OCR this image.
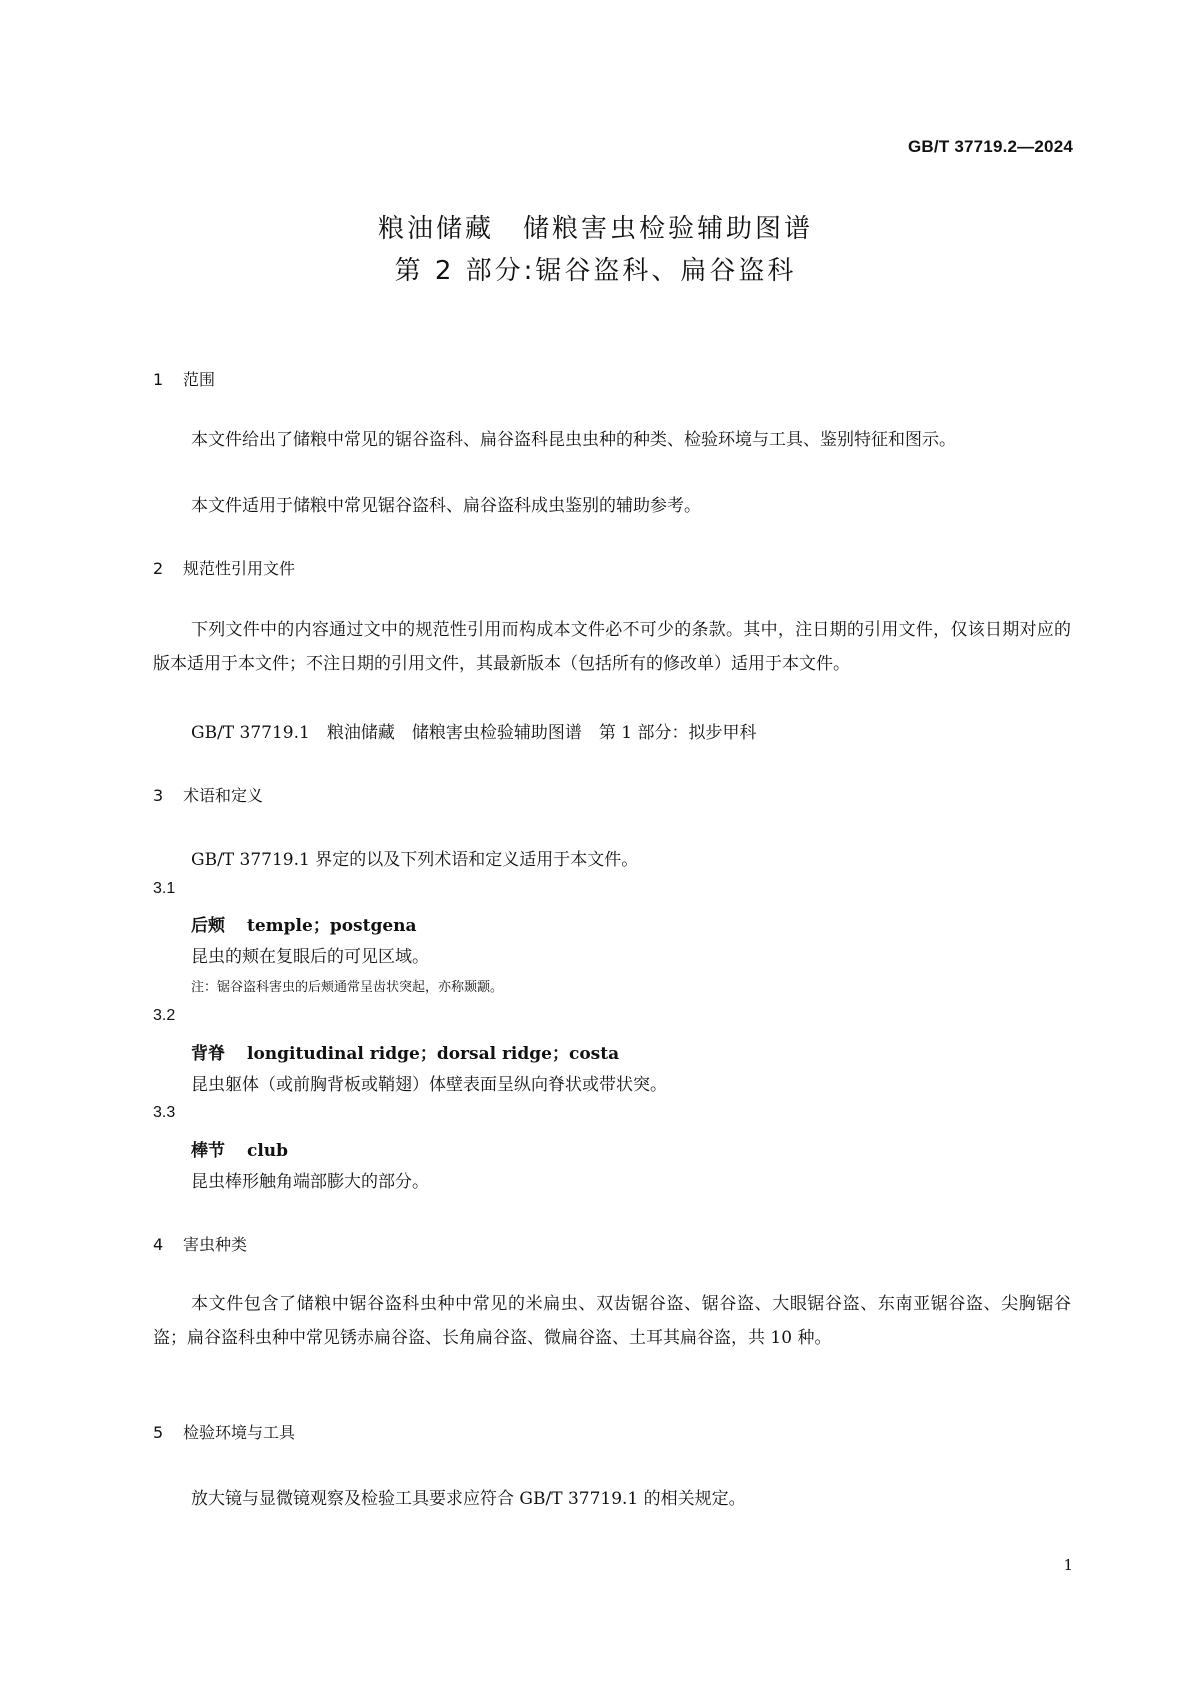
GB/T 37719.2—2024
粮油储藏　储粮害虫检验辅助图谱
第 2 部分:锯谷盗科、扁谷盗科
1 范围
本文件给出了储粮中常见的锯谷盗科、扁谷盗科昆虫虫种的种类、检验环境与工具、鉴别特征和图示。
本文件适用于储粮中常见锯谷盗科、扁谷盗科成虫鉴别的辅助参考。
2 规范性引用文件
下列文件中的内容通过文中的规范性引用而构成本文件必不可少的条款。其中，注日期的引用文件，仅该日期对应的版本适用于本文件；不注日期的引用文件，其最新版本（包括所有的修改单）适用于本文件。
GB/T 37719.1　粮油储藏　储粮害虫检验辅助图谱　第 1 部分：拟步甲科
3 术语和定义
GB/T 37719.1 界定的以及下列术语和定义适用于本文件。
3.1
后颊 temple；postgena
昆虫的颊在复眼后的可见区域。
注：锯谷盗科害虫的后颊通常呈齿状突起，亦称颞颥。
3.2
背脊 longitudinal ridge；dorsal ridge；costa
昆虫躯体（或前胸背板或鞘翅）体壁表面呈纵向脊状或带状突。
3.3
棒节 club
昆虫棒形触角端部膨大的部分。
4 害虫种类
本文件包含了储粮中锯谷盗科虫种中常见的米扁虫、双齿锯谷盗、锯谷盗、大眼锯谷盗、东南亚锯谷盗、尖胸锯谷盗；扁谷盗科虫种中常见锈赤扁谷盗、长角扁谷盗、微扁谷盗、土耳其扁谷盗，共 10 种。
5 检验环境与工具
放大镜与显微镜观察及检验工具要求应符合 GB/T 37719.1 的相关规定。
1
